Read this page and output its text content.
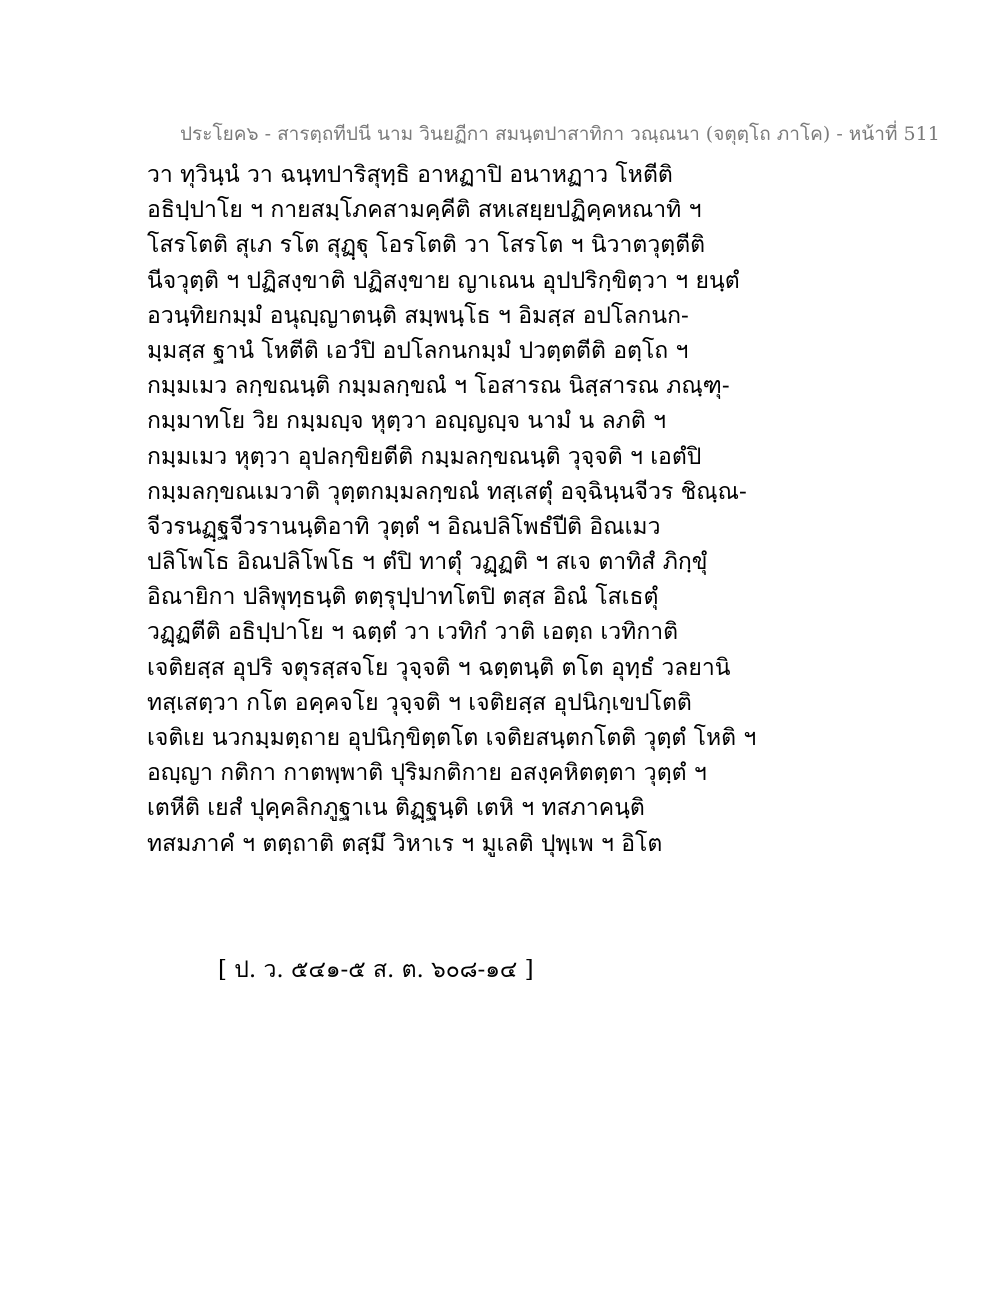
ประโยค๖ - สารตฺถทีปนี นาม วินยฏีกา สมนฺตปาสาทิกา วณฺณนา (จตุตฺโถ ภาโค) - หน้าที่ 511
วา ทุวินฺนํ วา ฉนฺทปาริสุทฺธิ อาหฏาปิ อนาหฏาว โหตีติ
อธิปฺปาโย ฯ กายสมฺโภคสามคฺคีติ สหเสยฺยปฏิคฺคหณาทิ ฯ
โสรโตติ สุเภ รโต สุฏฺฐุ โอรโตติ วา โสรโต ฯ นิวาตวุตฺตีติ
นีจวุตฺติ ฯ ปฏิสงฺขาติ ปฏิสงฺขาย ญาเณน อุปปริกฺขิตฺวา ฯ ยนฺตํ
อวนฺทิยกมฺมํ อนุญฺญาตนฺติ สมฺพนฺโธ ฯ อิมสฺส อปโลกนก-
มฺมสฺส ฐานํ โหตีติ เอวํปิ อปโลกนกมฺมํ ปวตฺตตีติ อตฺโถ ฯ
กมฺมเมว ลกฺขณนฺติ กมฺมลกฺขณํ ฯ โอสารณ นิสฺสารณ ภณฺฑุ-
กมฺมาทโย วิย กมฺมญฺจ หุตฺวา อญฺญญฺจ นามํ น ลภติ ฯ
กมฺมเมว หุตฺวา อุปลกฺขิยตีติ กมฺมลกฺขณนฺติ วุจฺจติ ฯ เอตํปิ
กมฺมลกฺขณเมวาติ วุตฺตกมฺมลกฺขณํ ทสฺเสตุํ อจฺฉินฺนจีวร ชิณฺณ-
จีวรนฏฺฐจีวรานนฺติอาทิ วุตฺตํ ฯ อิณปลิโพธํปีติ อิณเมว
ปลิโพโธ อิณปลิโพโธ ฯ ตํปิ ทาตุํ วฏฺฏติ ฯ สเจ ตาทิสํ ภิกฺขุํ
อิณายิกา ปลิพุทฺธนฺติ ตตฺรุปฺปาทโตปิ ตสฺส อิณํ โสเธตุํ
วฏฺฏตีติ อธิปฺปาโย ฯ ฉตฺตํ วา เวทิกํ วาติ เอตฺถ เวทิกาติ
เจติยสฺส อุปริ จตุรสฺสจโย วุจฺจติ ฯ ฉตฺตนฺติ ตโต อุทฺธํ วลยานิ
ทสฺเสตฺวา กโต อคฺคจโย วุจฺจติ ฯ เจติยสฺส อุปนิกฺเขปโตติ
เจติเย นวกมฺมตฺถาย อุปนิกฺขิตฺตโต เจติยสนฺตกโตติ วุตฺตํ โหติ ฯ
อญฺญา กติกา กาตพฺพาติ ปุริมกติกาย อสงฺคหิตตฺตา วุตฺตํ ฯ
เตหีติ เยสํ ปุคฺคลิกภูฐาเน ติฏฺฐนฺติ เตหิ ฯ ทสภาคนฺติ
ทสมภาคํ ฯ ตตฺถาติ ตสฺมึ วิหาเร ฯ มูเลติ ปุพฺเพ ฯ อิโต
[ ป. ว. ๕๔๑-๕ ส. ต. ๖๐๘-๑๔ ]
